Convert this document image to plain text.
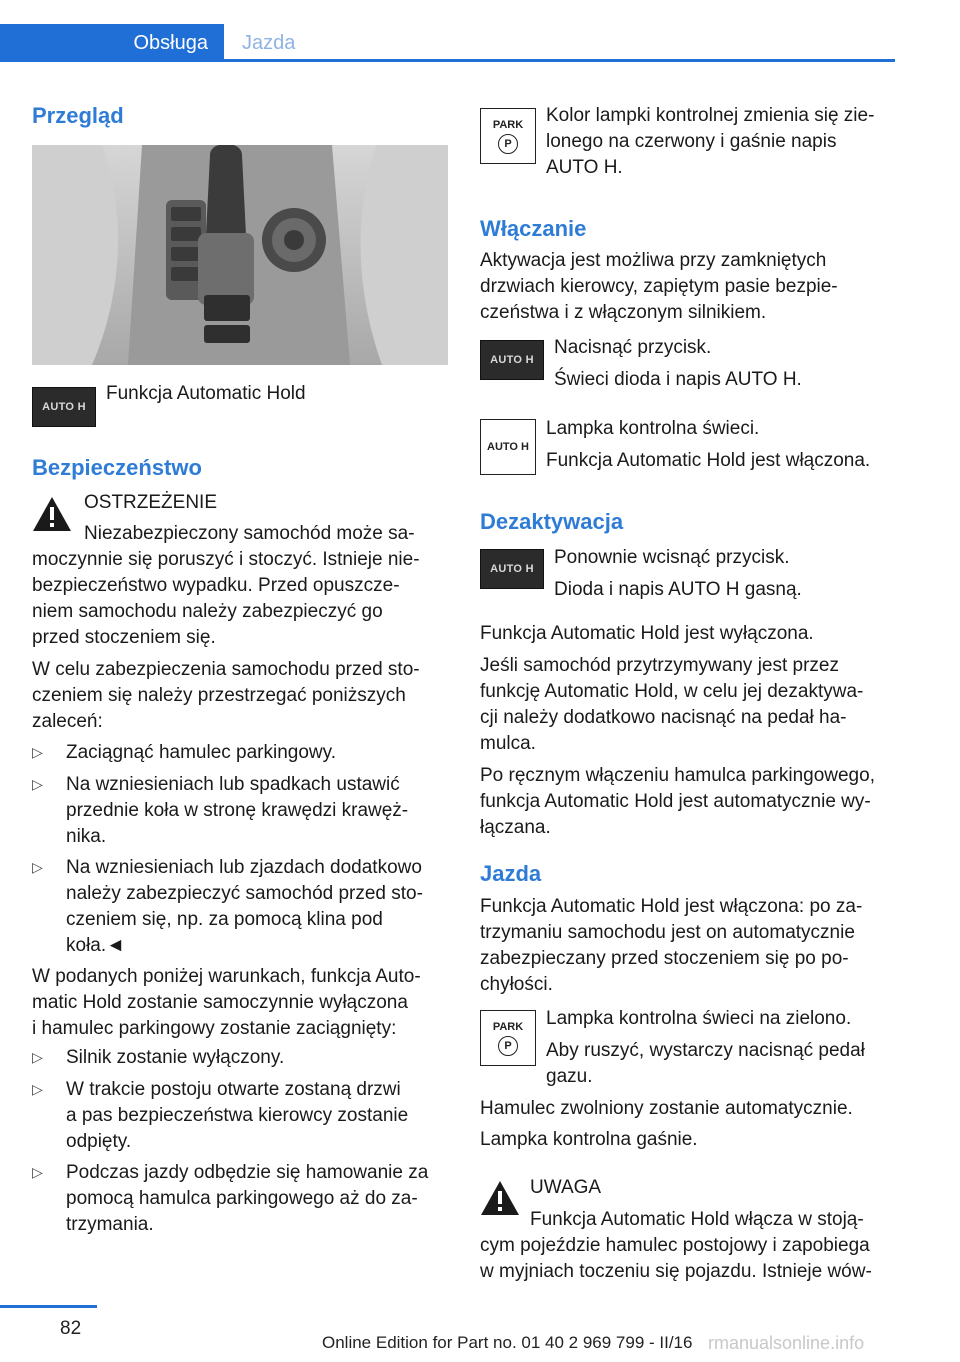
Obsługa	Jazda
Przegląd
AUTO H

Funkcja Automatic Hold

Bezpieczeństwo

OSTRZEŻENIE

Niezabezpieczony samochód może sa-

moczynnie się poruszyć i stoczyć. Istnieje nie-

bezpieczeństwo wypadku. Przed opuszcze-

niem samochodu należy zabezpieczyć go

przed stoczeniem się.

W celu zabezpieczenia samochodu przed sto-

czeniem się należy przestrzegać poniższych

zaleceń:

▷ Zaciągnąć hamulec parkingowy.

▷ Na wzniesieniach lub spadkach ustawić

przednie koła w stronę krawędzi krawęż-

nika.

▷ Na wzniesieniach lub zjazdach dodatkowo

należy zabezpieczyć samochód przed sto-

czeniem się, np. za pomocą klina pod

koła.◄

W podanych poniżej warunkach, funkcja Auto-

matic Hold zostanie samoczynnie wyłączona

i hamulec parkingowy zostanie zaciągnięty:

▷ Silnik zostanie wyłączony.

▷ W trakcie postoju otwarte zostaną drzwi

a pas bezpieczeństwa kierowcy zostanie

odpięty.

▷ Podczas jazdy odbędzie się hamowanie za

pomocą hamulca parkingowego aż do za-

trzymania.

PARK
P

Kolor lampki kontrolnej zmienia się zie-

lonego na czerwony i gaśnie napis

AUTO H.

Włączanie

Aktywacja jest możliwa przy zamkniętych

drzwiach kierowcy, zapiętym pasie bezpie-

czeństwa i z włączonym silnikiem.

AUTO H

Nacisnąć przycisk.

Świeci dioda i napis AUTO H.

AUTO H

Lampka kontrolna świeci.

Funkcja Automatic Hold jest włączona.

Dezaktywacja
AUTO H

Ponownie wcisnąć przycisk.

Dioda i napis AUTO H gasną.

Funkcja Automatic Hold jest wyłączona.

Jeśli samochód przytrzymywany jest przez

funkcję Automatic Hold, w celu jej dezaktywa-

cji należy dodatkowo nacisnąć na pedał ha-

mulca.

Po ręcznym włączeniu hamulca parkingowego,

funkcja Automatic Hold jest automatycznie wy-

łączana.

Jazda

Funkcja Automatic Hold jest włączona: po za-

trzymaniu samochodu jest on automatycznie

zabezpieczany przed stoczeniem się po po-

chyłości.

PARK
P

Lampka kontrolna świeci na zielono.

Aby ruszyć, wystarczy nacisnąć pedał

gazu.

Hamulec zwolniony zostanie automatycznie.

Lampka kontrolna gaśnie.

UWAGA

Funkcja Automatic Hold włącza w stoją-

cym pojeździe hamulec postojowy i zapobiega

w myjniach toczeniu się pojazdu. Istnieje wów-

82
Online Edition for Part no. 01 40 2 969 799 - II/16 rmanualsonline.info
